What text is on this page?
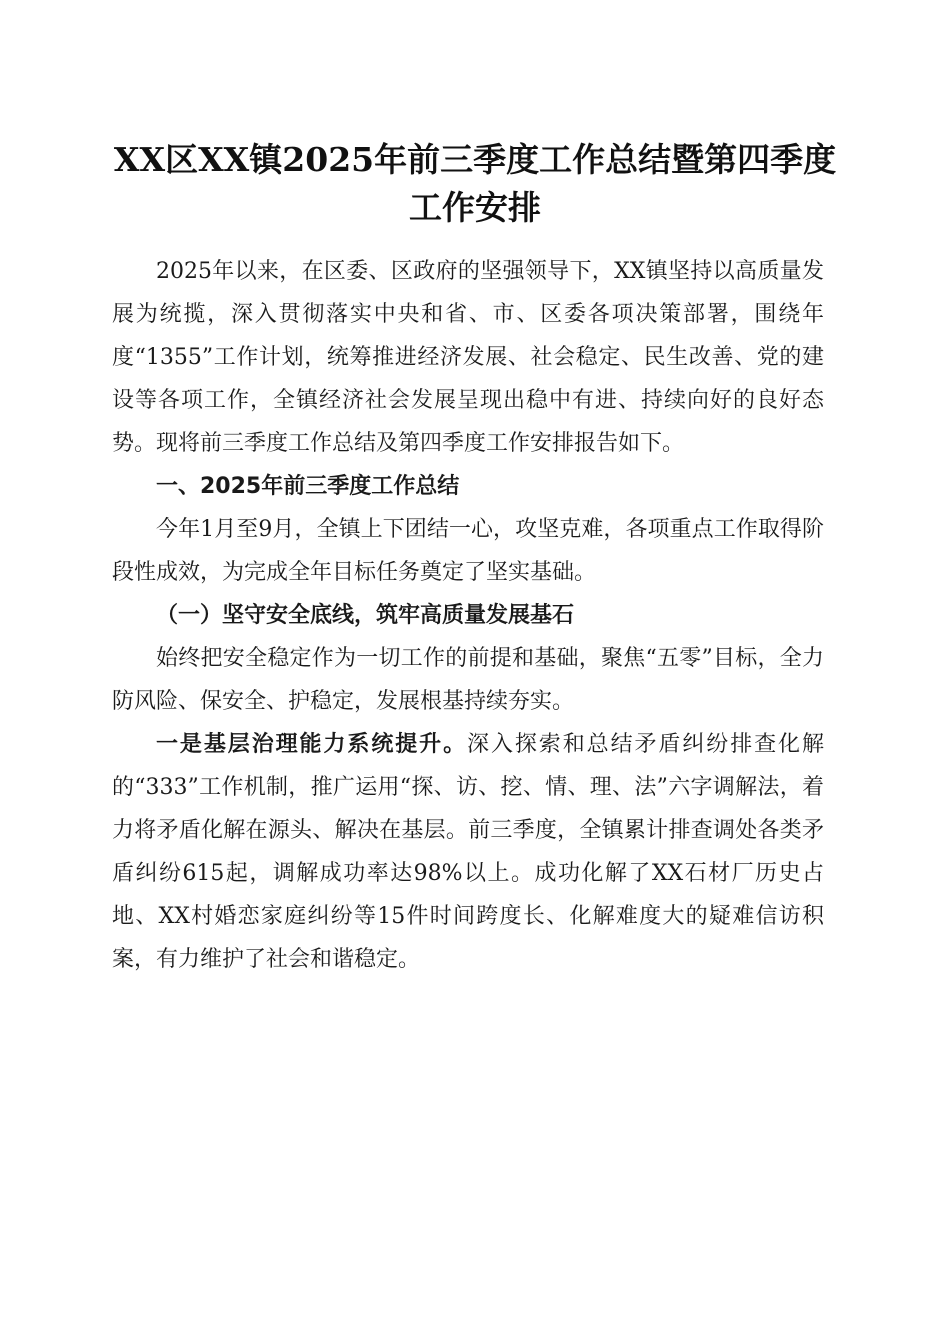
XX区XX镇2025年前三季度工作总结暨第四季度工作安排

2025年以来，在区委、区政府的坚强领导下，XX镇坚持以高质量发展为统揽，深入贯彻落实中央和省、市、区委各项决策部署，围绕年度“1355”工作计划，统筹推进经济发展、社会稳定、民生改善、党的建设等各项工作，全镇经济社会发展呈现出稳中有进、持续向好的良好态势。现将前三季度工作总结及第四季度工作安排报告如下。

一、2025年前三季度工作总结

今年1月至9月，全镇上下团结一心，攻坚克难，各项重点工作取得阶段性成效，为完成全年目标任务奠定了坚实基础。

（一）坚守安全底线，筑牢高质量发展基石

始终把安全稳定作为一切工作的前提和基础，聚焦“五零”目标，全力防风险、保安全、护稳定，发展根基持续夯实。

一是基层治理能力系统提升。深入探索和总结矛盾纠纷排查化解的“333”工作机制，推广运用“探、访、挖、情、理、法”六字调解法，着力将矛盾化解在源头、解决在基层。前三季度，全镇累计排查调处各类矛盾纠纷615起，调解成功率达98%以上。成功化解了XX石材厂历史占地、XX村婚恋家庭纠纷等15件时间跨度长、化解难度大的疑难信访积案，有力维护了社会和谐稳定。
